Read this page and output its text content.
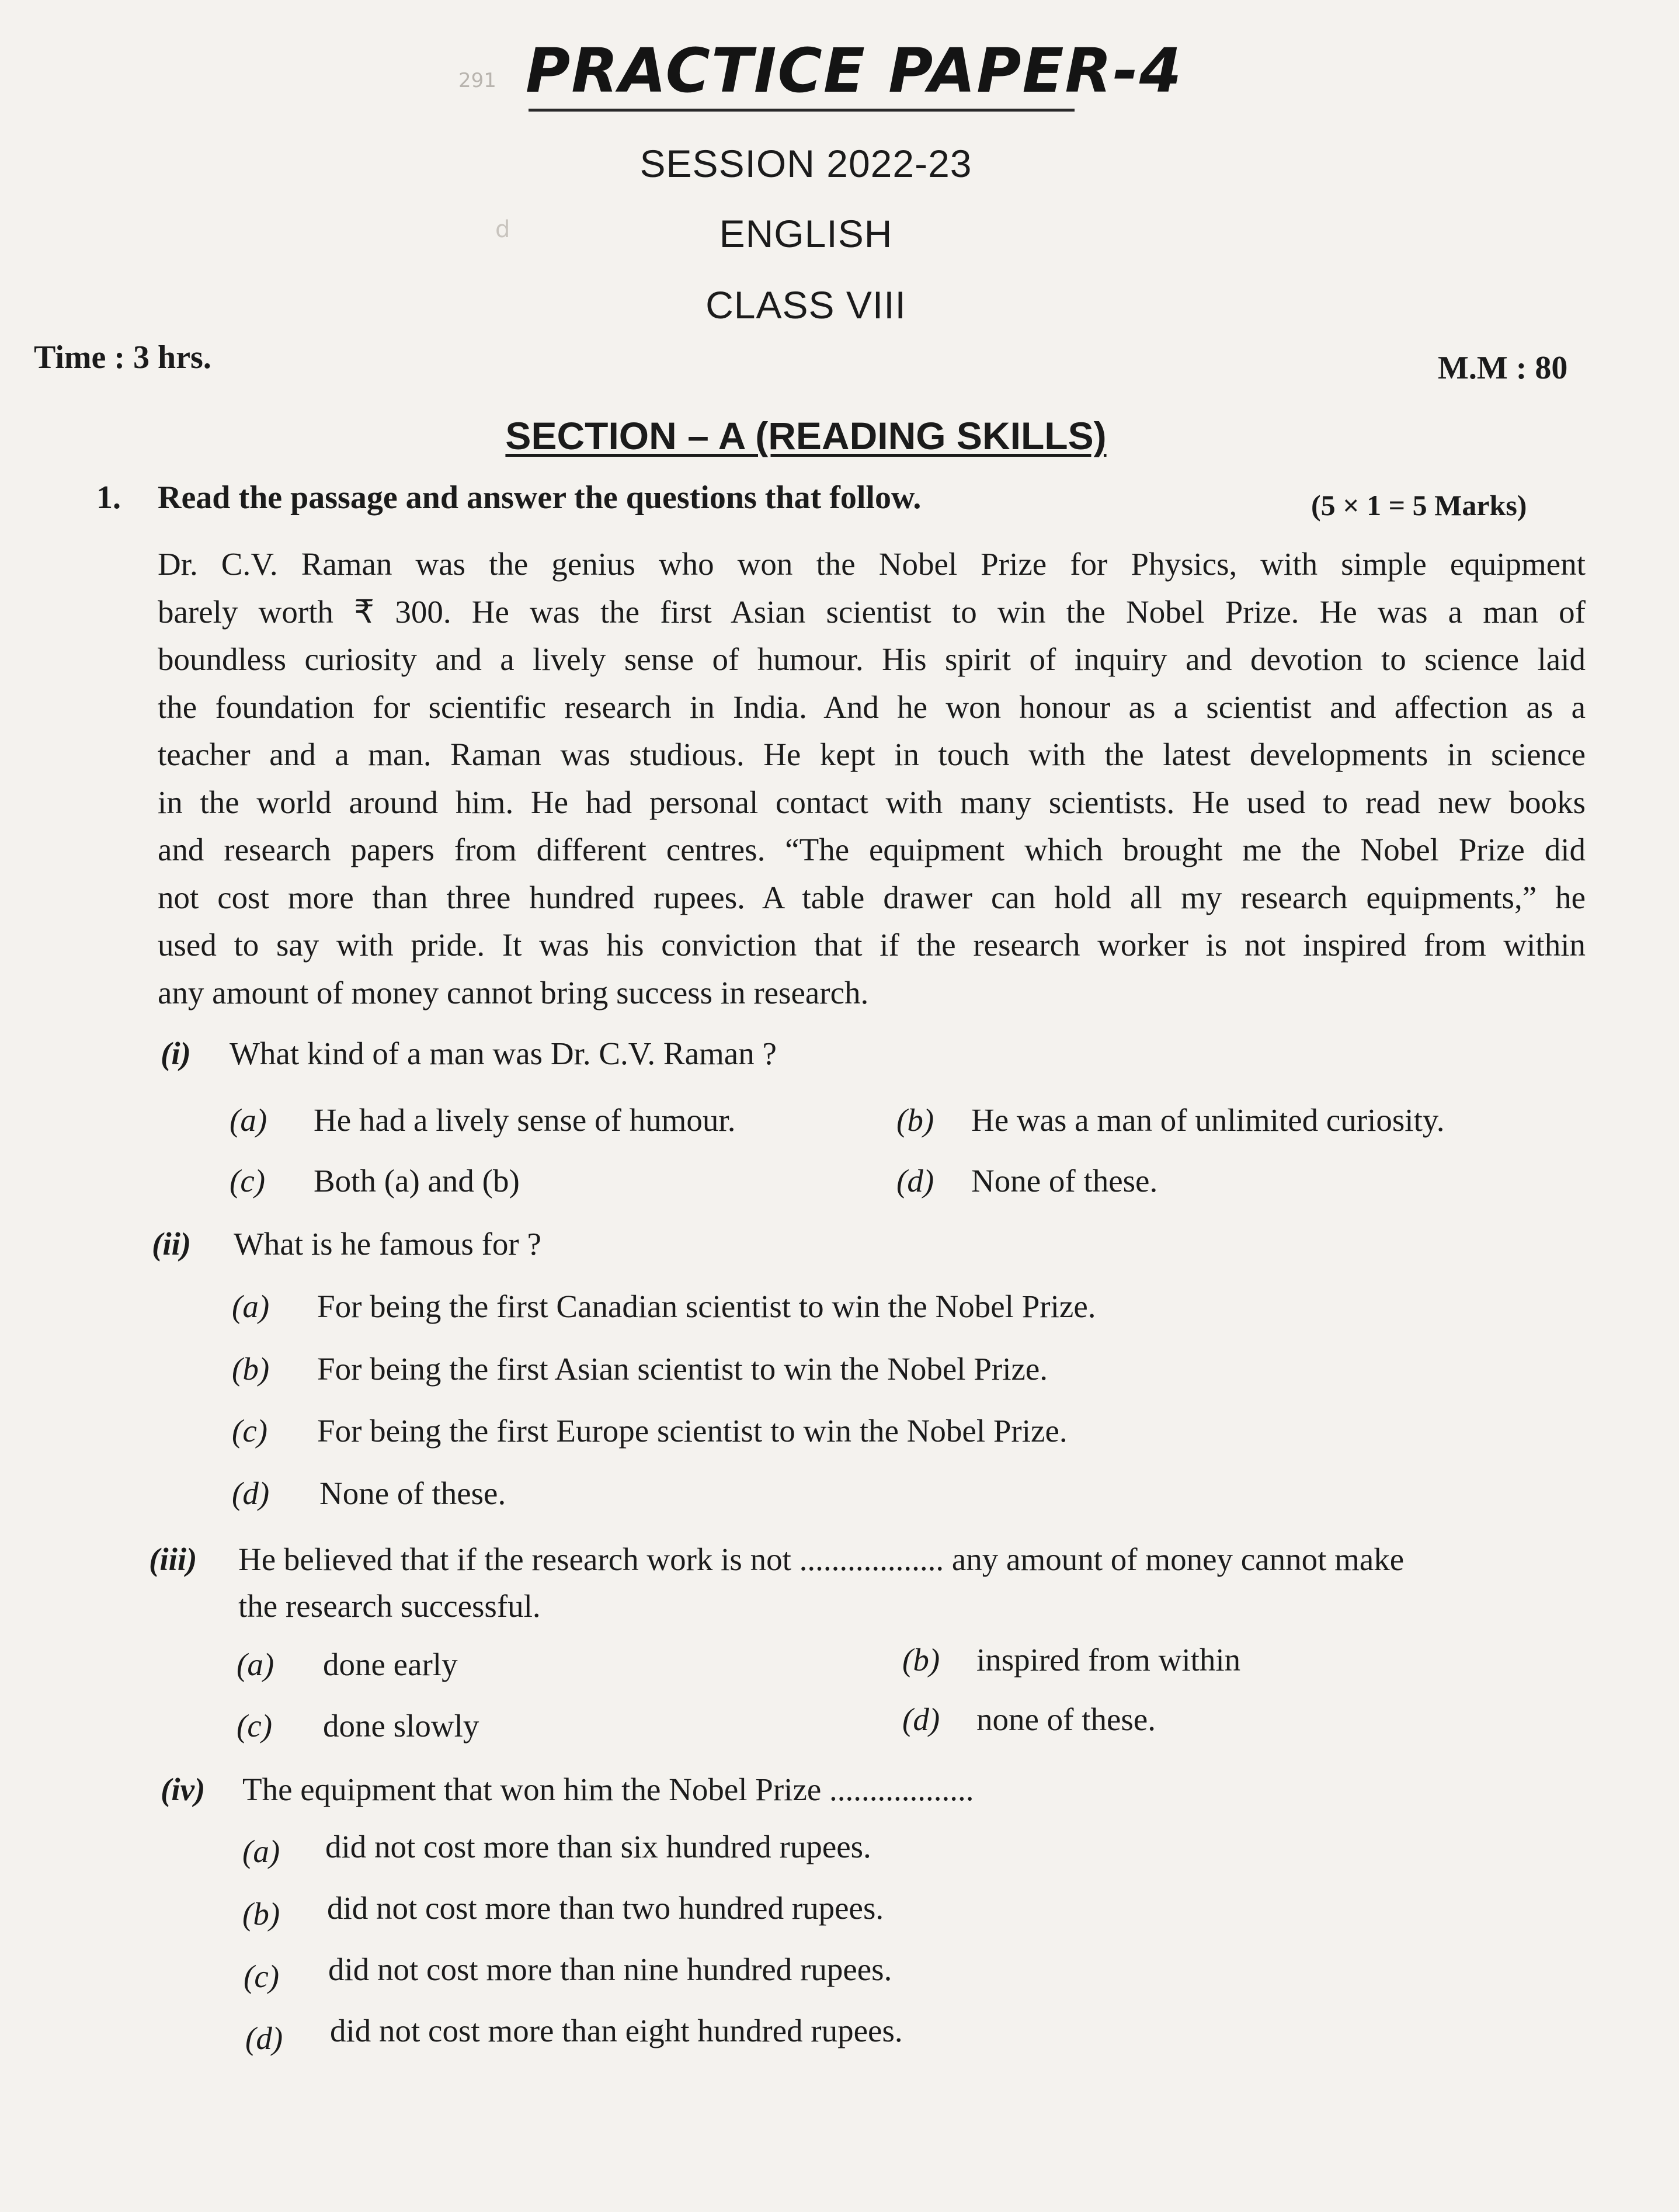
291 PRACTICE PAPER-4
d
SESSION 2022-23
ENGLISH
CLASS VIII
Time : 3 hrs.	M.M : 80
SECTION – A (READING SKILLS)
1. Read the passage and answer the questions that follow.	(5 × 1 = 5 Marks)
Dr. C.V. Raman was the genius who won the Nobel Prize for Physics, with simple equipment
barely worth ₹ 300. He was the first Asian scientist to win the Nobel Prize. He was a man of
boundless curiosity and a lively sense of humour. His spirit of inquiry and devotion to science laid
the foundation for scientific research in India. And he won honour as a scientist and affection as a
teacher and a man. Raman was studious. He kept in touch with the latest developments in science
in the world around him. He had personal contact with many scientists. He used to read new books
and research papers from different centres. “The equipment which brought me the Nobel Prize did
not cost more than three hundred rupees. A table drawer can hold all my research equipments,” he
used to say with pride. It was his conviction that if the research worker is not inspired from within
any amount of money cannot bring success in research.
(i) What kind of a man was Dr. C.V. Raman ?
(a) He had a lively sense of humour.	(b) He was a man of unlimited curiosity.
(c) Both (a) and (b)	(d) None of these.
(ii) What is he famous for ?
(a) For being the first Canadian scientist to win the Nobel Prize.
(b) For being the first Asian scientist to win the Nobel Prize.
(c) For being the first Europe scientist to win the Nobel Prize.
(d) None of these.
(iii) He believed that if the research work is not .................. any amount of money cannot make
the research successful.
(a) done early	(b) inspired from within
(c) done slowly	(d) none of these.
(iv) The equipment that won him the Nobel Prize ..................
(a) did not cost more than six hundred rupees.
(b) did not cost more than two hundred rupees.
(c) did not cost more than nine hundred rupees.
(d) did not cost more than eight hundred rupees.
